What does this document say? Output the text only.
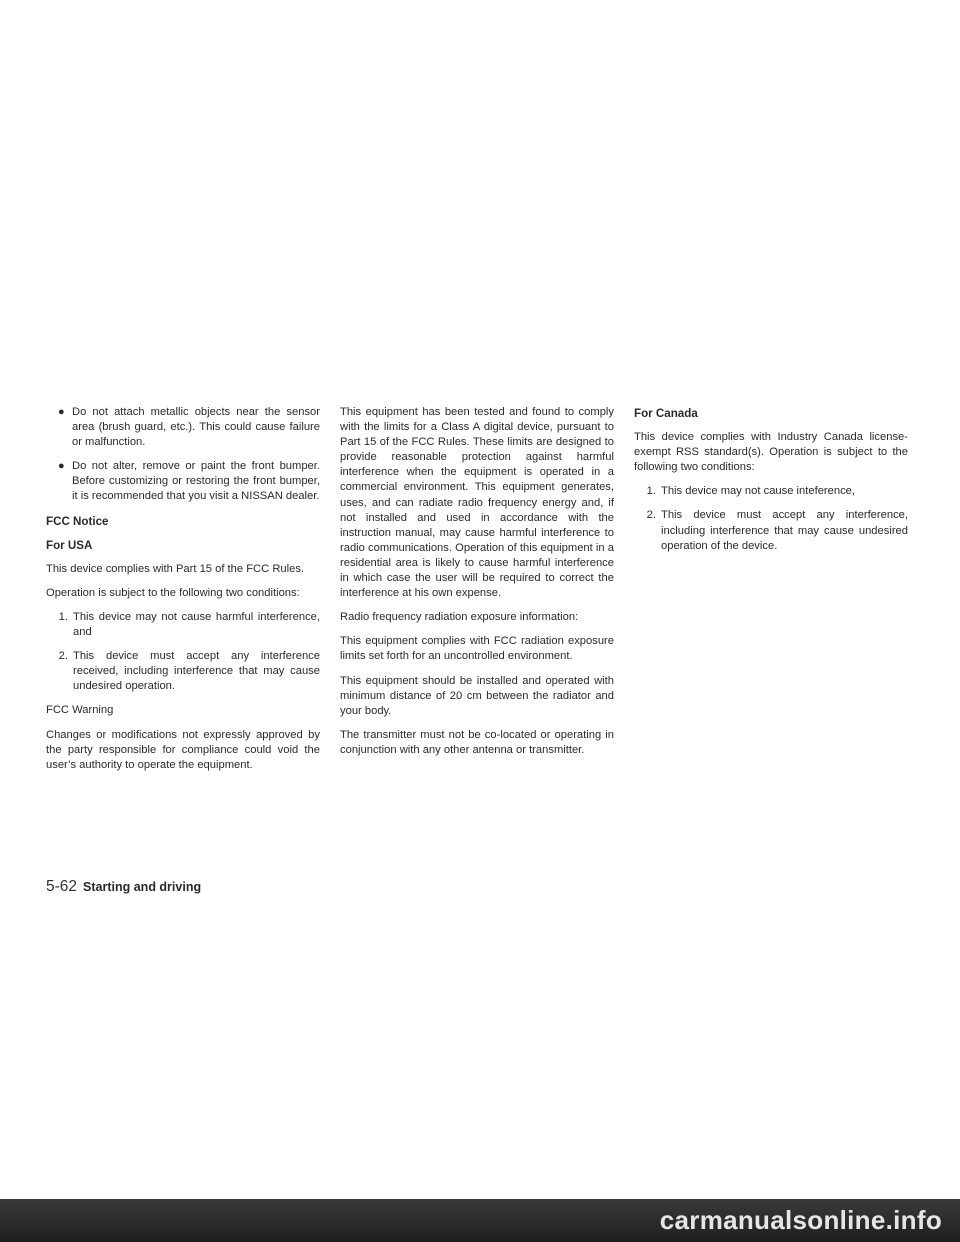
● Do not attach metallic objects near the sensor area (brush guard, etc.). This could cause failure or malfunction.
● Do not alter, remove or paint the front bumper. Before customizing or restoring the front bumper, it is recommended that you visit a NISSAN dealer.

FCC Notice

For USA

This device complies with Part 15 of the FCC Rules.

Operation is subject to the following two conditions:

1. This device may not cause harmful interference, and
2. This device must accept any interference received, including interference that may cause undesired operation.

FCC Warning

Changes or modifications not expressly approved by the party responsible for compliance could void the user’s authority to operate the equipment.

This equipment has been tested and found to comply with the limits for a Class A digital device, pursuant to Part 15 of the FCC Rules. These limits are designed to provide reasonable protection against harmful interference when the equipment is operated in a commercial environment. This equipment generates, uses, and can radiate radio frequency energy and, if not installed and used in accordance with the instruction manual, may cause harmful interference to radio communications. Operation of this equipment in a residential area is likely to cause harmful interference in which case the user will be required to correct the interference at his own expense.

Radio frequency radiation exposure information:

This equipment complies with FCC radiation exposure limits set forth for an uncontrolled environment.

This equipment should be installed and operated with minimum distance of 20 cm between the radiator and your body.

The transmitter must not be co-located or operating in conjunction with any other antenna or transmitter.

For Canada

This device complies with Industry Canada license-exempt RSS standard(s). Operation is subject to the following two conditions:

1. This device may not cause inteference,
2. This device must accept any interference, including interference that may cause undesired operation of the device.
5-62 Starting and driving
carmanualsonline.info
